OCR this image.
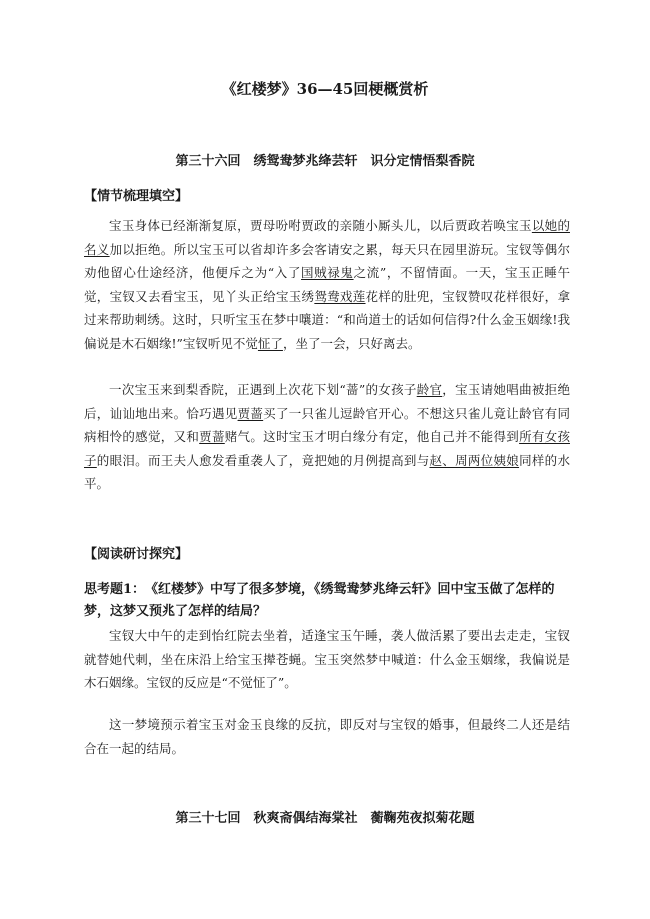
《红楼梦》36—45回梗概赏析
第三十六回　绣鸳鸯梦兆绛芸轩　识分定情悟梨香院
【情节梳理填空】

宝玉身体已经渐渐复原，贾母吩咐贾政的亲随小厮头儿，以后贾政若唤宝玉以她的名义加以拒绝。所以宝玉可以省却许多会客请安之累，每天只在园里游玩。宝钗等偶尔劝他留心仕途经济，他便斥之为“入了国贼禄鬼之流”，不留情面。一天，宝玉正睡午觉，宝钗又去看宝玉，见丫头正给宝玉绣鸳鸯戏莲花样的肚兜，宝钗赞叹花样很好，拿过来帮助刺绣。这时，只听宝玉在梦中嚷道：“和尚道士的话如何信得?什么金玉姻缘!我偏说是木石姻缘!”宝钗听见不觉怔了，坐了一会，只好离去。

一次宝玉来到梨香院，正遇到上次花下划“蔷”的女孩子龄官，宝玉请她唱曲被拒绝后，讪讪地出来。恰巧遇见贾蔷买了一只雀儿逗龄官开心。不想这只雀儿竟让龄官有同病相怜的感觉，又和贾蔷赌气。这时宝玉才明白缘分有定，他自己并不能得到所有女孩子的眼泪。而王夫人愈发看重袭人了，竟把她的月例提高到与赵、周两位姨娘同样的水平。

【阅读研讨探究】
思考题1：　《红楼梦》中写了很多梦境，《绣鸳鸯梦兆绛云轩》回中宝玉做了怎样的梦，这梦又预兆了怎样的结局？

宝钗大中午的走到怡红院去坐着，适逢宝玉午睡，袭人做活累了要出去走走，宝钗就替她代刺，坐在床沿上给宝玉撵苍蝇。宝玉突然梦中喊道：什么金玉姻缘，我偏说是木石姻缘。宝钗的反应是“不觉怔了”。

这一梦境预示着宝玉对金玉良缘的反抗，即反对与宝钗的婚事，但最终二人还是结合在一起的结局。

第三十七回　秋爽斋偶结海棠社　蘅鞠苑夜拟菊花题
